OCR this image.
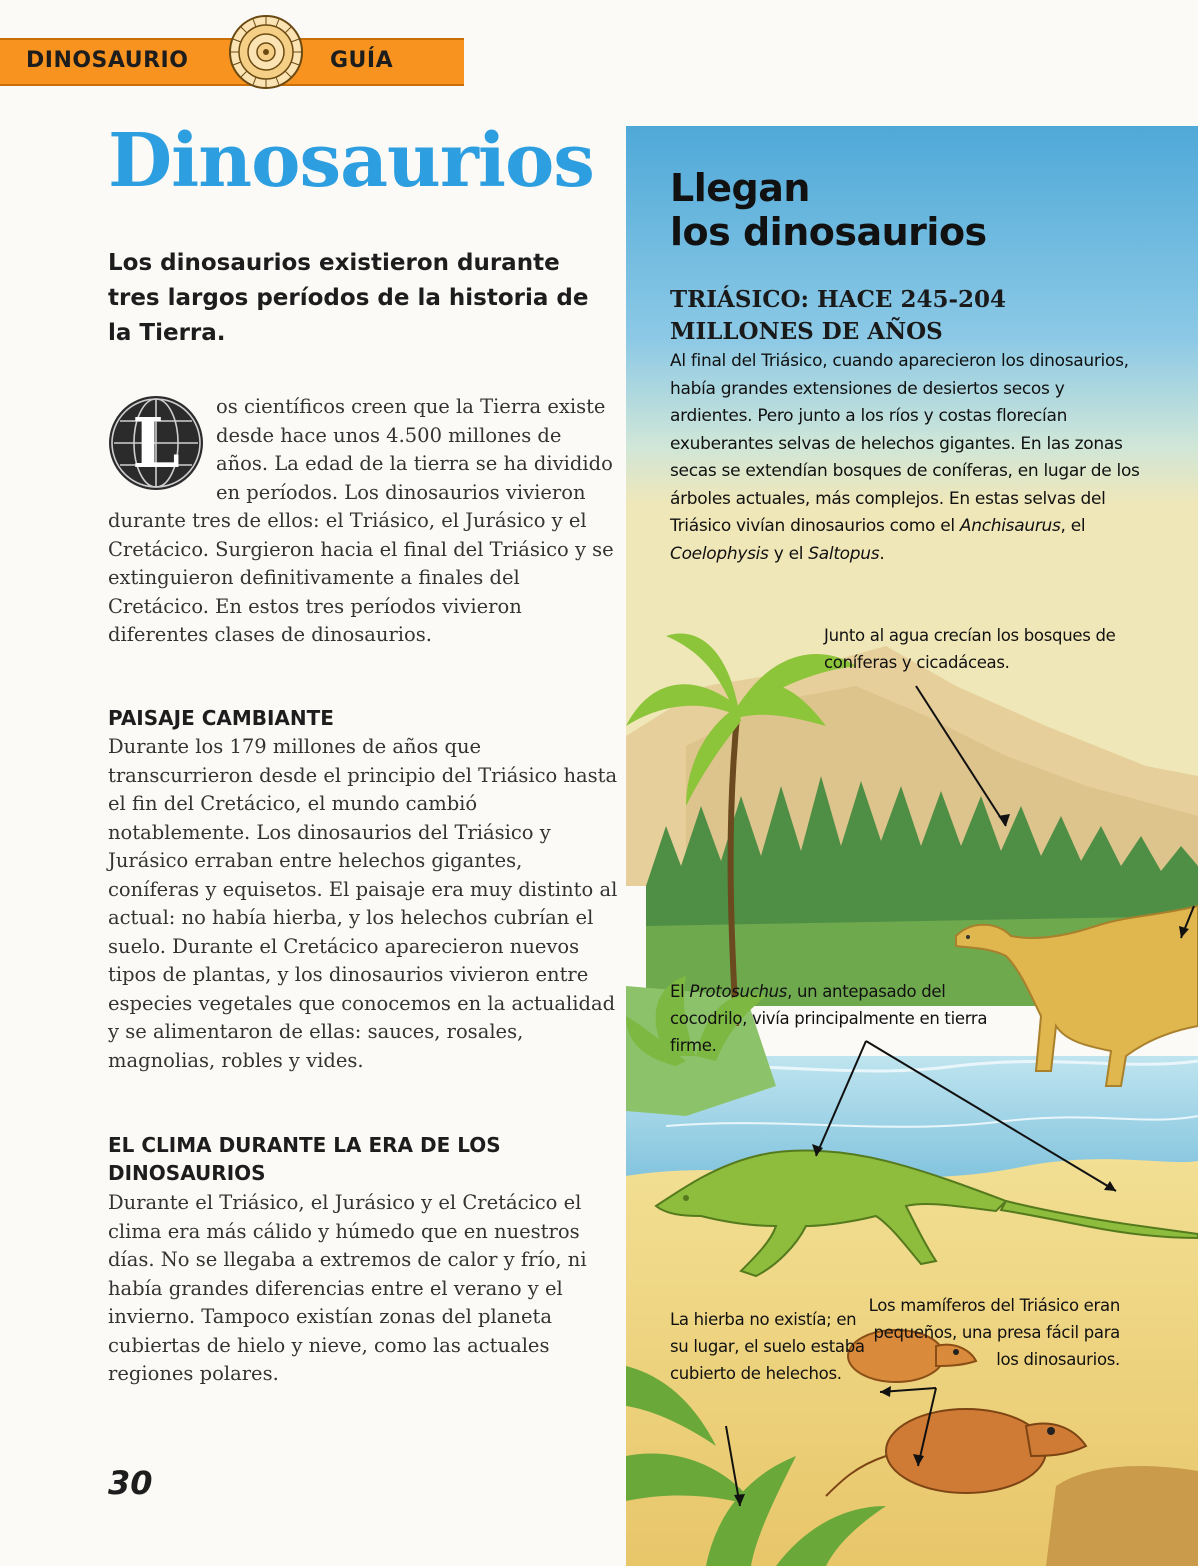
DINOSAURIO	GUÍA
Dinosaurios

Los dinosaurios existieron durante tres largos períodos de la historia de la Tierra.

L os científicos creen que la Tierra existe desde hace unos 4.500 millones de años. La edad de la tierra se ha dividido en períodos. Los dinosaurios vivieron durante tres de ellos: el Triásico, el Jurásico y el Cretácico. Surgieron hacia el final del Triásico y se extinguieron definitivamente a finales del Cretácico. En estos tres períodos vivieron diferentes clases de dinosaurios.

PAISAJE CAMBIANTE

Durante los 179 millones de años que transcurrieron desde el principio del Triásico hasta el fin del Cretácico, el mundo cambió notablemente. Los dinosaurios del Triásico y Jurásico erraban entre helechos gigantes, coníferas y equisetos. El paisaje era muy distinto al actual: no había hierba, y los helechos cubrían el suelo. Durante el Cretácico aparecieron nuevos tipos de plantas, y los dinosaurios vivieron entre especies vegetales que conocemos en la actualidad y se alimentaron de ellas: sauces, rosales, magnolias, robles y vides.

EL CLIMA DURANTE LA ERA DE LOS DINOSAURIOS

Durante el Triásico, el Jurásico y el Cretácico el clima era más cálido y húmedo que en nuestros días. No se llegaba a extremos de calor y frío, ni había grandes diferencias entre el verano y el invierno. Tampoco existían zonas del planeta cubiertas de hielo y nieve, como las actuales regiones polares.

30

Llegan
los dinosaurios
TRIÁSICO: HACE 245-204
MILLONES DE AÑOS

Al final del Triásico, cuando aparecieron los dinosaurios, había grandes extensiones de desiertos secos y ardientes. Pero junto a los ríos y costas florecían exuberantes selvas de helechos gigantes. En las zonas secas se extendían bosques de coníferas, en lugar de los árboles actuales, más complejos. En estas selvas del Triásico vivían dinosaurios como el Anchisaurus, el Coelophysis y el Saltopus.

Junto al agua crecían los bosques de coníferas y cicadáceas.

El Protosuchus, un antepasado del cocodrilo, vivía principalmente en tierra firme.

La hierba no existía; en su lugar, el suelo estaba cubierto de helechos.

Los mamíferos del Triásico eran pequeños, una presa fácil para los dinosaurios.
